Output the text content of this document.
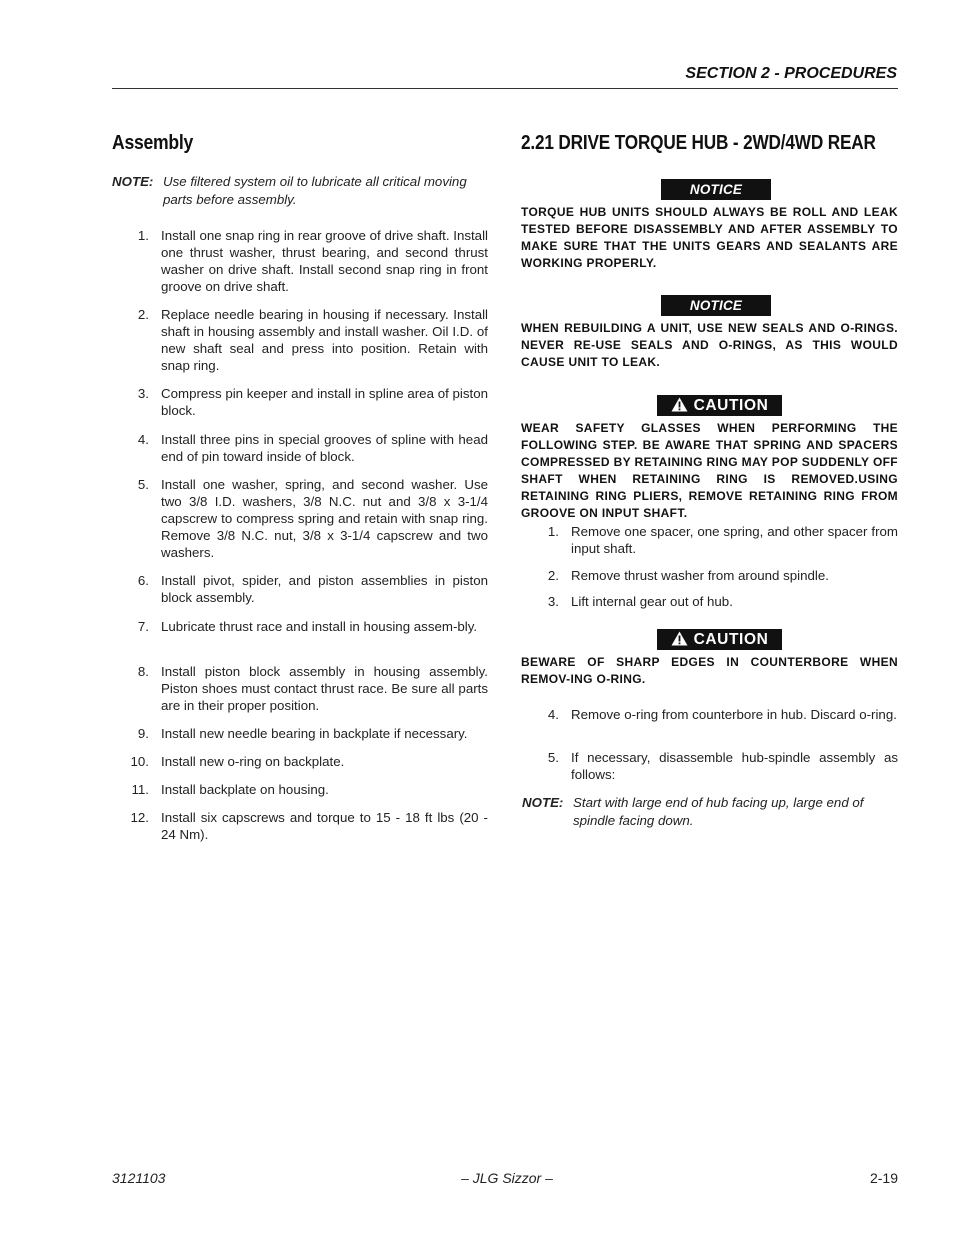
SECTION 2 - PROCEDURES
Assembly
NOTE: Use filtered system oil to lubricate all critical moving parts before assembly.
1. Install one snap ring in rear groove of drive shaft. Install one thrust washer, thrust bearing, and second thrust washer on drive shaft. Install second snap ring in front groove on drive shaft.
2. Replace needle bearing in housing if necessary. Install shaft in housing assembly and install washer. Oil I.D. of new shaft seal and press into position. Retain with snap ring.
3. Compress pin keeper and install in spline area of piston block.
4. Install three pins in special grooves of spline with head end of pin toward inside of block.
5. Install one washer, spring, and second washer. Use two 3/8 I.D. washers, 3/8 N.C. nut and 3/8 x 3-1/4 capscrew to compress spring and retain with snap ring. Remove 3/8 N.C. nut, 3/8 x 3-1/4 capscrew and two washers.
6. Install pivot, spider, and piston assemblies in piston block assembly.
7. Lubricate thrust race and install in housing assem-bly.
8. Install piston block assembly in housing assembly. Piston shoes must contact thrust race. Be sure all parts are in their proper position.
9. Install new needle bearing in backplate if necessary.
10. Install new o-ring on backplate.
11. Install backplate on housing.
12. Install six capscrews and torque to 15 - 18 ft lbs (20 - 24 Nm).
2.21 DRIVE TORQUE HUB - 2WD/4WD REAR
NOTICE
TORQUE HUB UNITS SHOULD ALWAYS BE ROLL AND LEAK TESTED BEFORE DISASSEMBLY AND AFTER ASSEMBLY TO MAKE SURE THAT THE UNITS GEARS AND SEALANTS ARE WORKING PROPERLY.
NOTICE
WHEN REBUILDING A UNIT, USE NEW SEALS AND O-RINGS. NEVER RE-USE SEALS AND O-RINGS, AS THIS WOULD CAUSE UNIT TO LEAK.
CAUTION
WEAR SAFETY GLASSES WHEN PERFORMING THE FOLLOWING STEP. BE AWARE THAT SPRING AND SPACERS COMPRESSED BY RETAINING RING MAY POP SUDDENLY OFF SHAFT WHEN RETAINING RING IS REMOVED.USING RETAINING RING PLIERS, REMOVE RETAINING RING FROM GROOVE ON INPUT SHAFT.
1. Remove one spacer, one spring, and other spacer from input shaft.
2. Remove thrust washer from around spindle.
3. Lift internal gear out of hub.
CAUTION
BEWARE OF SHARP EDGES IN COUNTERBORE WHEN REMOV-ING O-RING.
4. Remove o-ring from counterbore in hub. Discard o-ring.
5. If necessary, disassemble hub-spindle assembly as follows:
NOTE: Start with large end of hub facing up, large end of spindle facing down.
3121103	– JLG Sizzor –	2-19
